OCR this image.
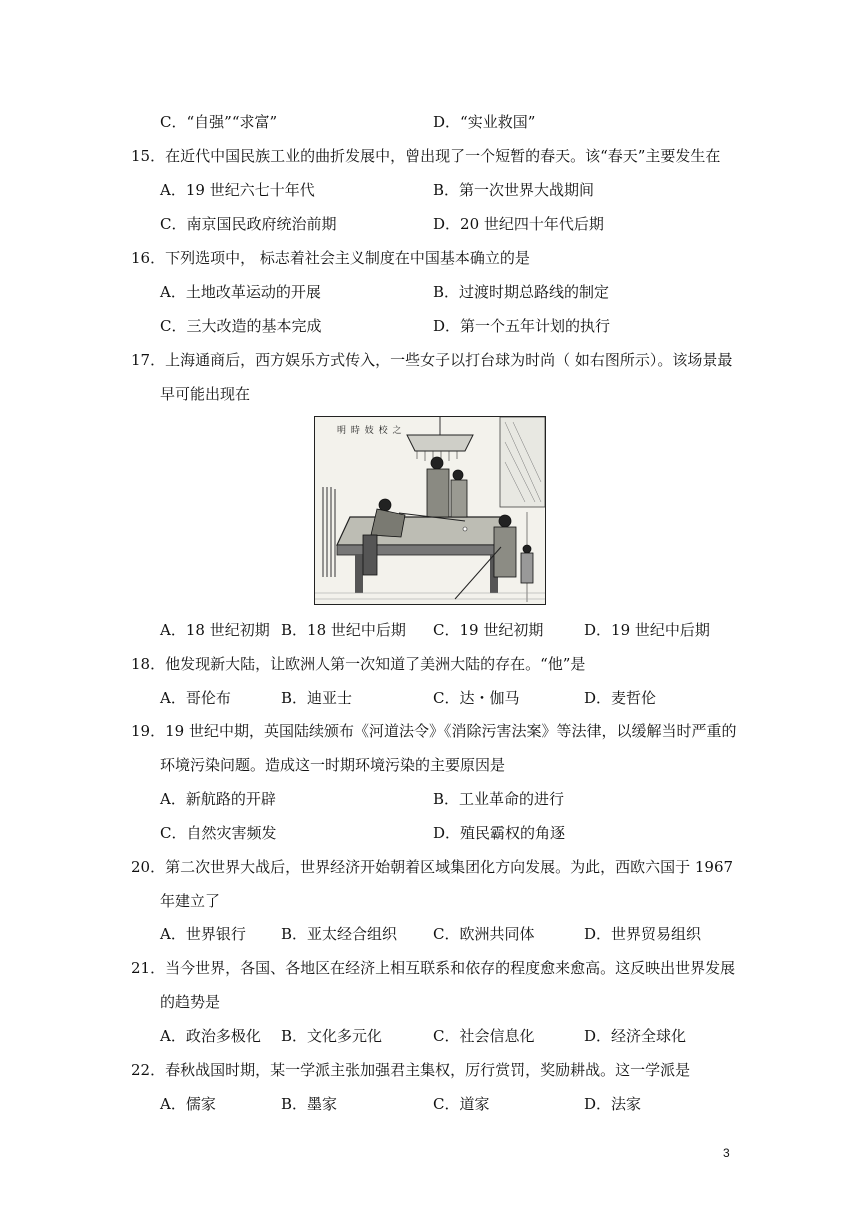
C．“自强”“求富”	D．“实业救国”
15．在近代中国民族工业的曲折发展中，曾出现了一个短暂的春天。该“春天”主要发生在
A．19 世纪六七十年代	B．第一次世界大战期间
C．南京国民政府统治前期	D．20 世纪四十年代后期
16．下列选项中， 标志着社会主义制度在中国基本确立的是
A．土地改革运动的开展	B．过渡时期总路线的制定
C．三大改造的基本完成	D．第一个五年计划的执行
17．上海通商后，西方娱乐方式传入，一些女子以打台球为时尚（ 如右图所示）。该场景最
早可能出现在
明 時 妓 校 之
A．18 世纪初期 B．18 世纪中后期 C．19 世纪初期	D．19 世纪中后期
18．他发现新大陆，让欧洲人第一次知道了美洲大陆的存在。“他”是
A．哥伦布	B．迪亚士	C．达・伽马	D．麦哲伦
19．19 世纪中期，英国陆续颁布《河道法令》《消除污害法案》等法律，以缓解当时严重的
环境污染问题。造成这一时期环境污染的主要原因是
A．新航路的开辟	B．工业革命的进行
C．自然灾害频发	D．殖民霸权的角逐
20．第二次世界大战后，世界经济开始朝着区域集团化方向发展。为此，西欧六国于 1967
年建立了
A．世界银行 B．亚太经合组织 C．欧洲共同体	D．世界贸易组织
21．当今世界，各国、各地区在经济上相互联系和依存的程度愈来愈高。这反映出世界发展
的趋势是
A．政治多极化 B．文化多元化	C．社会信息化	D．经济全球化
22．春秋战国时期，某一学派主张加强君主集权，厉行赏罚，奖励耕战。这一学派是
A．儒家	B．墨家	C．道家	D．法家
3
